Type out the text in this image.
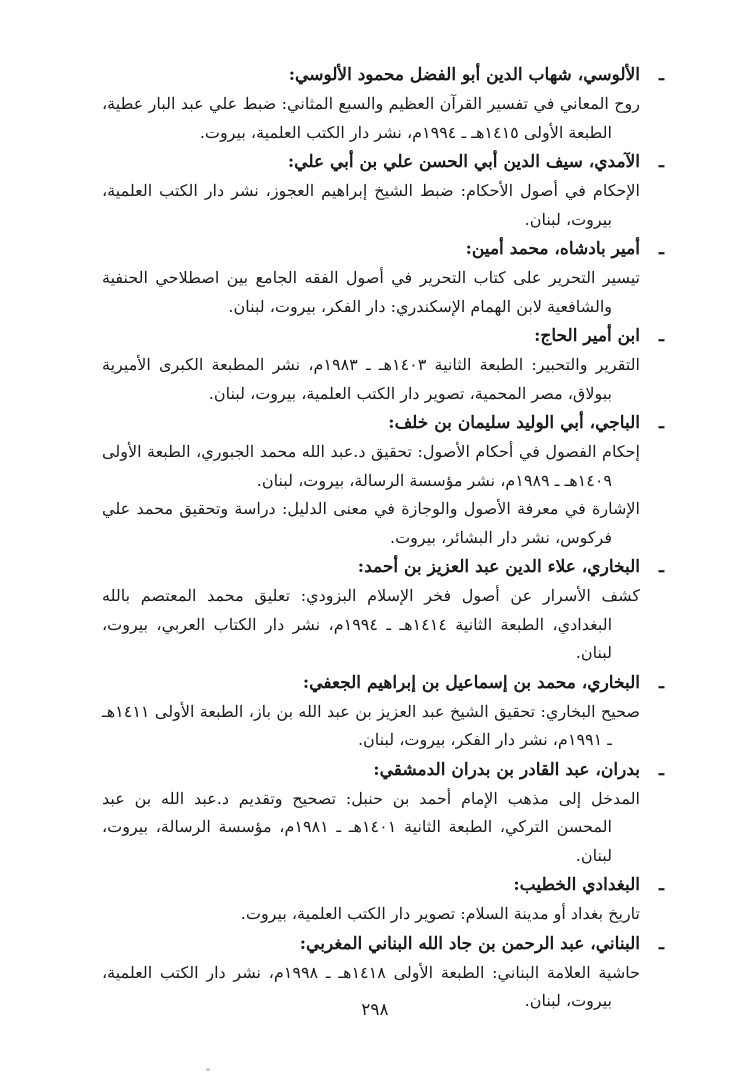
ـ
الألوسي، شهاب الدين أبو الفضل محمود الألوسي:
روح المعاني في تفسير القرآن العظيم والسبع المثاني: ضبط علي عبد البار عطية، الطبعة الأولى ١٤١٥هـ ـ ١٩٩٤م، نشر دار الكتب العلمية، بيروت.
ـ
الآمدي، سيف الدين أبي الحسن علي بن أبي علي:
الإحكام في أصول الأحكام: ضبط الشيخ إبراهيم العجوز، نشر دار الكتب العلمية، بيروت، لبنان.
ـ
أمير بادشاه، محمد أمين:
تيسير التحرير على كتاب التحرير في أصول الفقه الجامع بين اصطلاحي الحنفية والشافعية لابن الهمام الإسكندري: دار الفكر، بيروت، لبنان.
ـ
ابن أمير الحاج:
التقرير والتحبير: الطبعة الثانية ١٤٠٣هـ ـ ١٩٨٣م، نشر المطبعة الكبرى الأميرية ببولاق، مصر المحمية، تصوير دار الكتب العلمية، بيروت، لبنان.
ـ
الباجي، أبي الوليد سليمان بن خلف:
إحكام الفصول في أحكام الأصول: تحقيق د.عبد الله محمد الجبوري، الطبعة الأولى ١٤٠٩هـ ـ ١٩٨٩م، نشر مؤسسة الرسالة، بيروت، لبنان.
الإشارة في معرفة الأصول والوجازة في معنى الدليل: دراسة وتحقيق محمد علي فركوس، نشر دار البشائر، بيروت.
ـ
البخاري، علاء الدين عبد العزيز بن أحمد:
كشف الأسرار عن أصول فخر الإسلام البزودي: تعليق محمد المعتصم بالله البغدادي، الطبعة الثانية ١٤١٤هـ ـ ١٩٩٤م، نشر دار الكتاب العربي، بيروت، لبنان.
ـ
البخاري، محمد بن إسماعيل بن إبراهيم الجعفي:
صحيح البخاري: تحقيق الشيخ عبد العزيز بن عبد الله بن باز، الطبعة الأولى ١٤١١هـ ـ ١٩٩١م، نشر دار الفكر، بيروت، لبنان.
ـ
بدران، عبد القادر بن بدران الدمشقي:
المدخل إلى مذهب الإمام أحمد بن حنبل: تصحيح وتقديم د.عبد الله بن عبد المحسن التركي، الطبعة الثانية ١٤٠١هـ ـ ١٩٨١م، مؤسسة الرسالة، بيروت، لبنان.
ـ
البغدادي الخطيب:
تاريخ بغداد أو مدينة السلام: تصوير دار الكتب العلمية، بيروت.
ـ
البناني، عبد الرحمن بن جاد الله البناني المغربي:
حاشية العلامة البناني: الطبعة الأولى ١٤١٨هـ ـ ١٩٩٨م، نشر دار الكتب العلمية، بيروت، لبنان.
٢٩٨
